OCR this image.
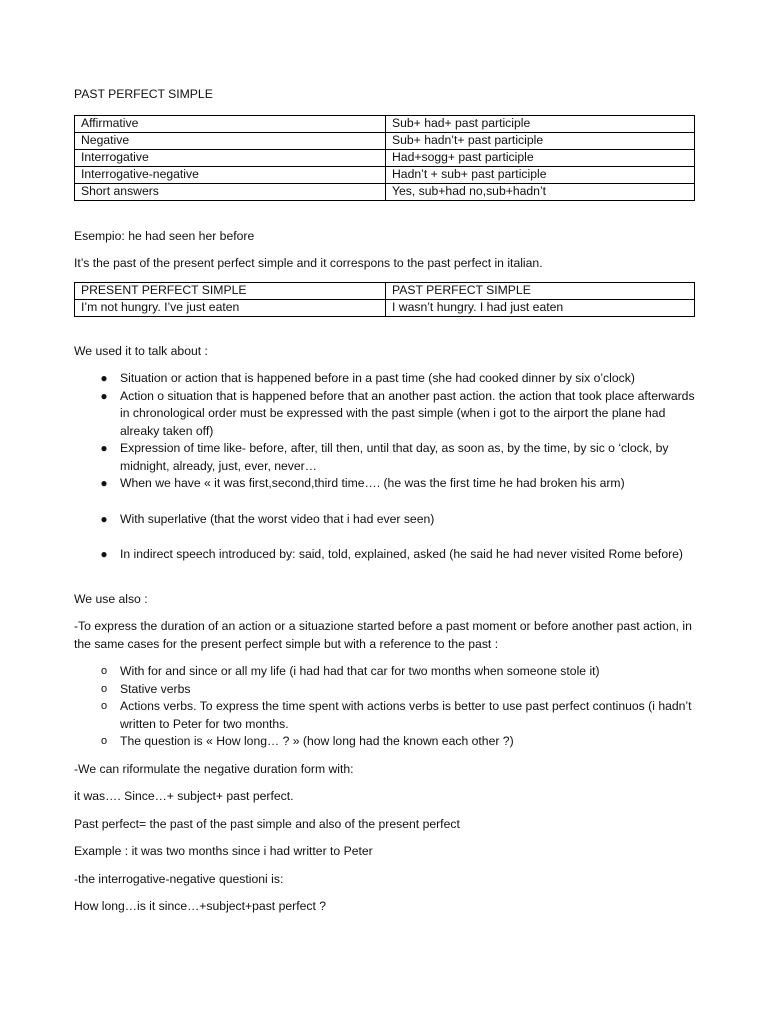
PAST PERFECT SIMPLE

Affirmative	Sub+ had+ past participle
Negative	Sub+ hadn’t+ past participle
Interrogative	Had+sogg+ past participle
Interrogative-negative	Hadn’t + sub+ past participle
Short answers	Yes, sub+had no,sub+hadn’t

Esempio: he had seen her before

It’s the past of the present perfect simple and it correspons to the past perfect in italian.

PRESENT PERFECT SIMPLE	PAST PERFECT SIMPLE
I’m not hungry. I’ve just eaten	I wasn’t hungry. I had just eaten

We used it to talk about :

● Situation or action that is happened before in a past time (she had cooked dinner by six o’clock)
● Action o situation that is happened before that an another past action. the action that took place afterwards in chronological order must be expressed with the past simple (when i got to the airport the plane had alreaky taken off)
● Expression of time like- before, after, till then, until that day, as soon as, by the time, by sic o ‘clock, by midnight, already, just, ever, never…
● When we have « it was first,second,third time…. (he was the first time he had broken his arm)
● With superlative (that the worst video that i had ever seen)
● In indirect speech introduced by: said, told, explained, asked (he said he had never visited Rome before)

We use also :

-To express the duration of an action or a situazione started before a past moment or before another past action, in the same cases for the present perfect simple but with a reference to the past :

o With for and since or all my life (i had had that car for two months when someone stole it)
o Stative verbs
o Actions verbs. To express the time spent with actions verbs is better to use past perfect continuos (i hadn’t written to Peter for two months.
o The question is « How long… ? » (how long had the known each other ?)

-We can riformulate the negative duration form with:

it was…. Since…+ subject+ past perfect.

Past perfect= the past of the past simple and also of the present perfect

Example : it was two months since i had writter to Peter

-the interrogative-negative questioni is:

How long…is it since…+subject+past perfect ?
